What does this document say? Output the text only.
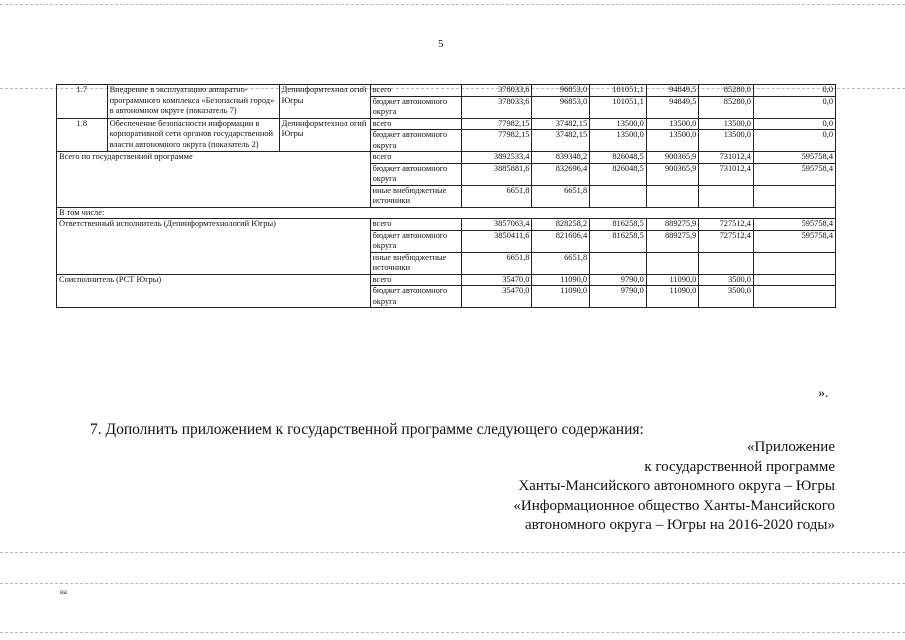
5
1.7	Внедрение в эксплуатацию аппаратно-программного комплекса «Безопасный город» в автономном округе (показатель 7)	Депинформтехнол огий Югры	всего	378033,6	96853,0	101051,1	94849,5	85280,0	0,0
			бюджет автономного округа	378033,6	96853,0	101051,1	94849,5	85280,0	0,0
1.8	Обеспечение безопасности информации в корпоративной сети органов государственной власти автономного округа (показатель 2)	Депинформтехнол огий Югры	всего	77982,15	37482,15	13500,0	13500,0	13500,0	0,0
			бюджет автономного округа	77982,15	37482,15	13500,0	13500,0	13500,0	0,0
Всего по государственной программе			всего	3892533,4	839348,2	826048,5	900365,9	731012,4	595758,4
			бюджет автономного округа	3885881,6	832696,4	826048,5	900365,9	731012,4	595758,4
			иные внебюджетные источники	6651,8	6651,8				
В том числе:									
Ответственный исполнитель (Депинформтехнологий Югры)			всего	3857063,4	828258,2	816258,5	889275,9	727512,4	595758,4
			бюджет автономного округа	3850411,6	821606,4	816258,5	889275,9	727512,4	595758,4
			иные внебюджетные источники	6651,8	6651,8				
Соисполнитель (РСТ Югры)			всего	35470,0	11090,0	9790,0	11090,0	3500,0	
			бюджет автономного округа	35470,0	11090,0	9790,0	11090,0	3500,0	
».
7. Дополнить приложением к государственной программе следующего содержания:
«Приложение
к государственной программе
Ханты-Мансийского автономного округа – Югры
«Информационное общество Ханты-Мансийского
автономного округа – Югры на 2016-2020 годы»
на
